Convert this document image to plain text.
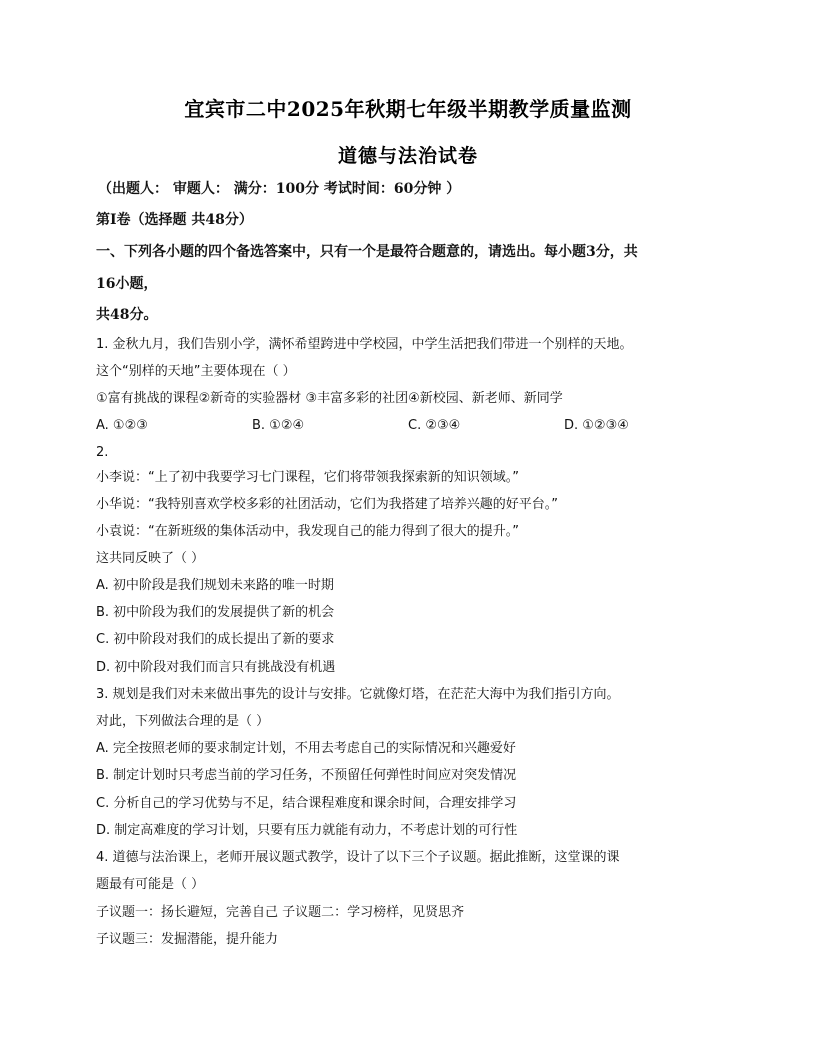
宜宾市二中2025年秋期七年级半期教学质量监测
道德与法治试卷
（出题人： 审题人： 满分：100分 考试时间：60分钟 ）
第Ⅰ卷（选择题 共48分）
一、下列各小题的四个备选答案中，只有一个是最符合题意的，请选出。每小题3分，共
16小题，
共48分。
1. 金秋九月，我们告别小学，满怀希望跨进中学校园，中学生活把我们带进一个别样的天地。
这个“别样的天地”主要体现在（ ）
①富有挑战的课程②新奇的实验器材 ③丰富多彩的社团④新校园、新老师、新同学
A. ①②③	B. ①②④	C. ②③④	D. ①②③④
2.
小李说：“上了初中我要学习七门课程，它们将带领我探索新的知识领域。”
小华说：“我特别喜欢学校多彩的社团活动，它们为我搭建了培养兴趣的好平台。”
小袁说：“在新班级的集体活动中，我发现自己的能力得到了很大的提升。”
这共同反映了（ ）
A. 初中阶段是我们规划未来路的唯一时期
B. 初中阶段为我们的发展提供了新的机会
C. 初中阶段对我们的成长提出了新的要求
D. 初中阶段对我们而言只有挑战没有机遇
3. 规划是我们对未来做出事先的设计与安排。它就像灯塔，在茫茫大海中为我们指引方向。
对此，下列做法合理的是（ ）
A. 完全按照老师的要求制定计划，不用去考虑自己的实际情况和兴趣爱好
B. 制定计划时只考虑当前的学习任务，不预留任何弹性时间应对突发情况
C. 分析自己的学习优势与不足，结合课程难度和课余时间，合理安排学习
D. 制定高难度的学习计划，只要有压力就能有动力，不考虑计划的可行性
4. 道德与法治课上，老师开展议题式教学，设计了以下三个子议题。据此推断，这堂课的课
题最有可能是（ ）
子议题一：扬长避短，完善自己 子议题二：学习榜样，见贤思齐
子议题三：发掘潜能，提升能力
